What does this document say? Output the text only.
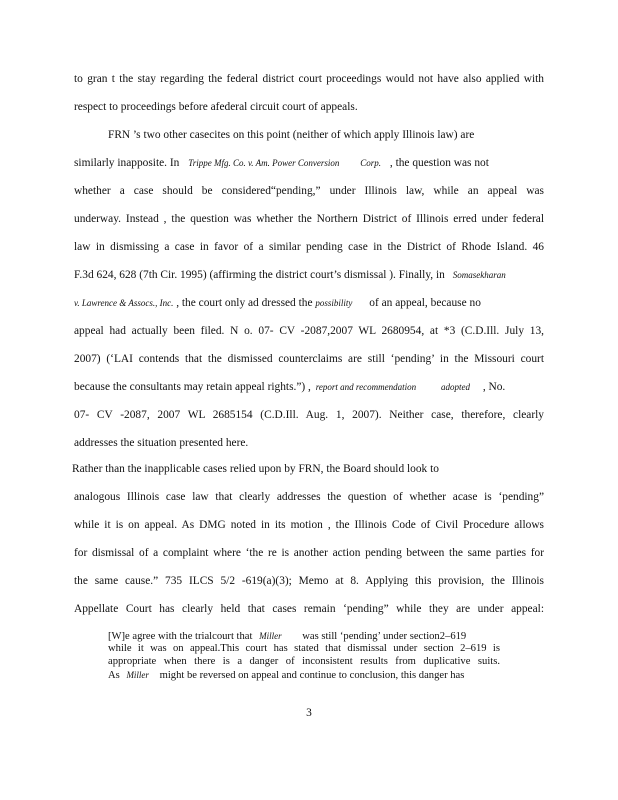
to gran t the stay regarding the federal district court proceedings would not have also applied with
respect to proceedings before afederal circuit court of appeals.
FRN ’s two other casecites on this point (neither of which apply Illinois law) are
similarly inapposite. In Trippe Mfg. Co. v. Am. Power Conversion Corp. , the question was not
whether a case should be considered“pending,” under Illinois law, while an appeal was
underway. Instead , the question was whether the Northern District of Illinois erred under federal
law in dismissing a case in favor of a similar pending case in the District of Rhode Island. 46
F.3d 624, 628 (7th Cir. 1995) (affirming the district court’s dismissal ). Finally, in Somasekharan
v. Lawrence & Assocs., Inc. , the court only ad dressed the possibility of an appeal, because no
appeal had actually been filed. N o. 07- CV -2087,2007 WL 2680954, at *3 (C.D.Ill. July 13,
2007) (‘LAI contends that the dismissed counterclaims are still ‘pending’ in the Missouri court
because the consultants may retain appeal rights.”) , report and recommendation	adopted , No.
07- CV -2087, 2007 WL 2685154 (C.D.Ill. Aug. 1, 2007). Neither case, therefore, clearly
addresses the situation presented here.
Rather than the inapplicable cases relied upon by FRN, the Board should look to
analogous Illinois case law that clearly addresses the question of whether acase is ‘pending”
while it is on appeal. As DMG noted in its motion , the Illinois Code of Civil Procedure allows
for dismissal of a complaint where ‘the re is another action pending between the same parties for
the same cause.” 735 ILCS 5/2 -619(a)(3); Memo at 8. Applying this provision, the Illinois
Appellate Court has clearly held that cases remain ‘pending” while they are under appeal:
[W]e agree with the trialcourt that Miller was still ‘pending’ under section2–619
while it was on appeal.This court has stated that dismissal under section 2–619 is
appropriate when there is a danger of inconsistent results from duplicative suits.
As Miller might be reversed on appeal and continue to conclusion, this danger has
3
